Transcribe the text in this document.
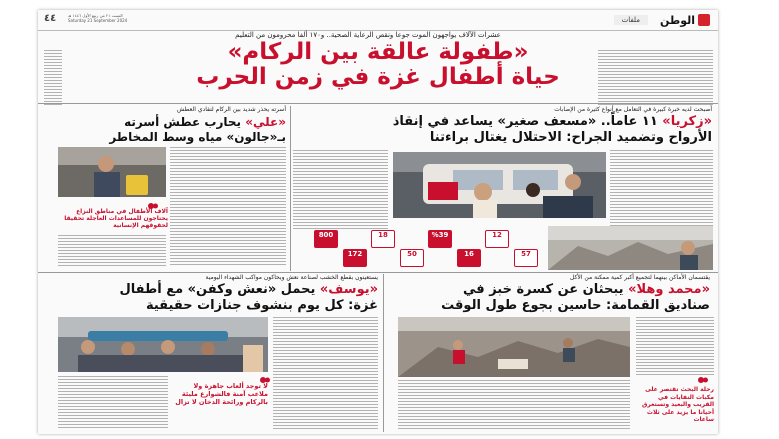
الوطن
ملفات
٤٤	السبت ٢١ من ربيع الأول ١٤٤٦ هـ Saturday 21 September 2024
عشرات الآلاف يواجهون الموت جوعا ونقص الرعاية الصحية.. و١٧٠ ألفا محرومون من التعليم
«طفولة عالقة بين الركام»
حياة أطفال غزة في زمن الحرب
أصبحت لديه خبرة كبيرة في التعامل مع أنواع كثيرة من الإصابات
«زكريا» ١١ عاماً.. «مسعف صغير» يساعد في إنقاذ
الأرواح وتضميد الجراح: الاحتلال يغتال براءتنا

800	18	%39	12
172	50	16	57
أسرته يحذر شديد بين الركام لتفادي العطش
«علي» يحارب عطش أسرته
بـ«جالون» مياه وسط المخاطر
آلاف الأطفال في مناطق النزاع يحتاجون للمساعدات العاجلة تحقيقا لحقوقهم الإنسانية
يستعينون بقطع الخشب لصناعة نعش ويحاكون مواكب الشهداء اليومية
«يوسف» يحمل «نعش وكفن» مع أطفال
غزة: كل يوم بنشوف جنازات حقيقية
لا توجد ألعاب جاهزة ولا ملاعب آمنة فالشوارع مليئة بالركام ورائحة الدخان لا تزال
يقتسمان الأماكن بينهما لتجميع أكبر كمية ممكنة من الأكل
«محمد وهلا» يبحثان عن كسرة خبز في
صناديق القمامة: حاسين بجوع طول الوقت
رحلة البحث تقتصر على مكبات النفايات في القريب والبعيد وتستغرق أحيانا ما يزيد على ثلاث ساعات
